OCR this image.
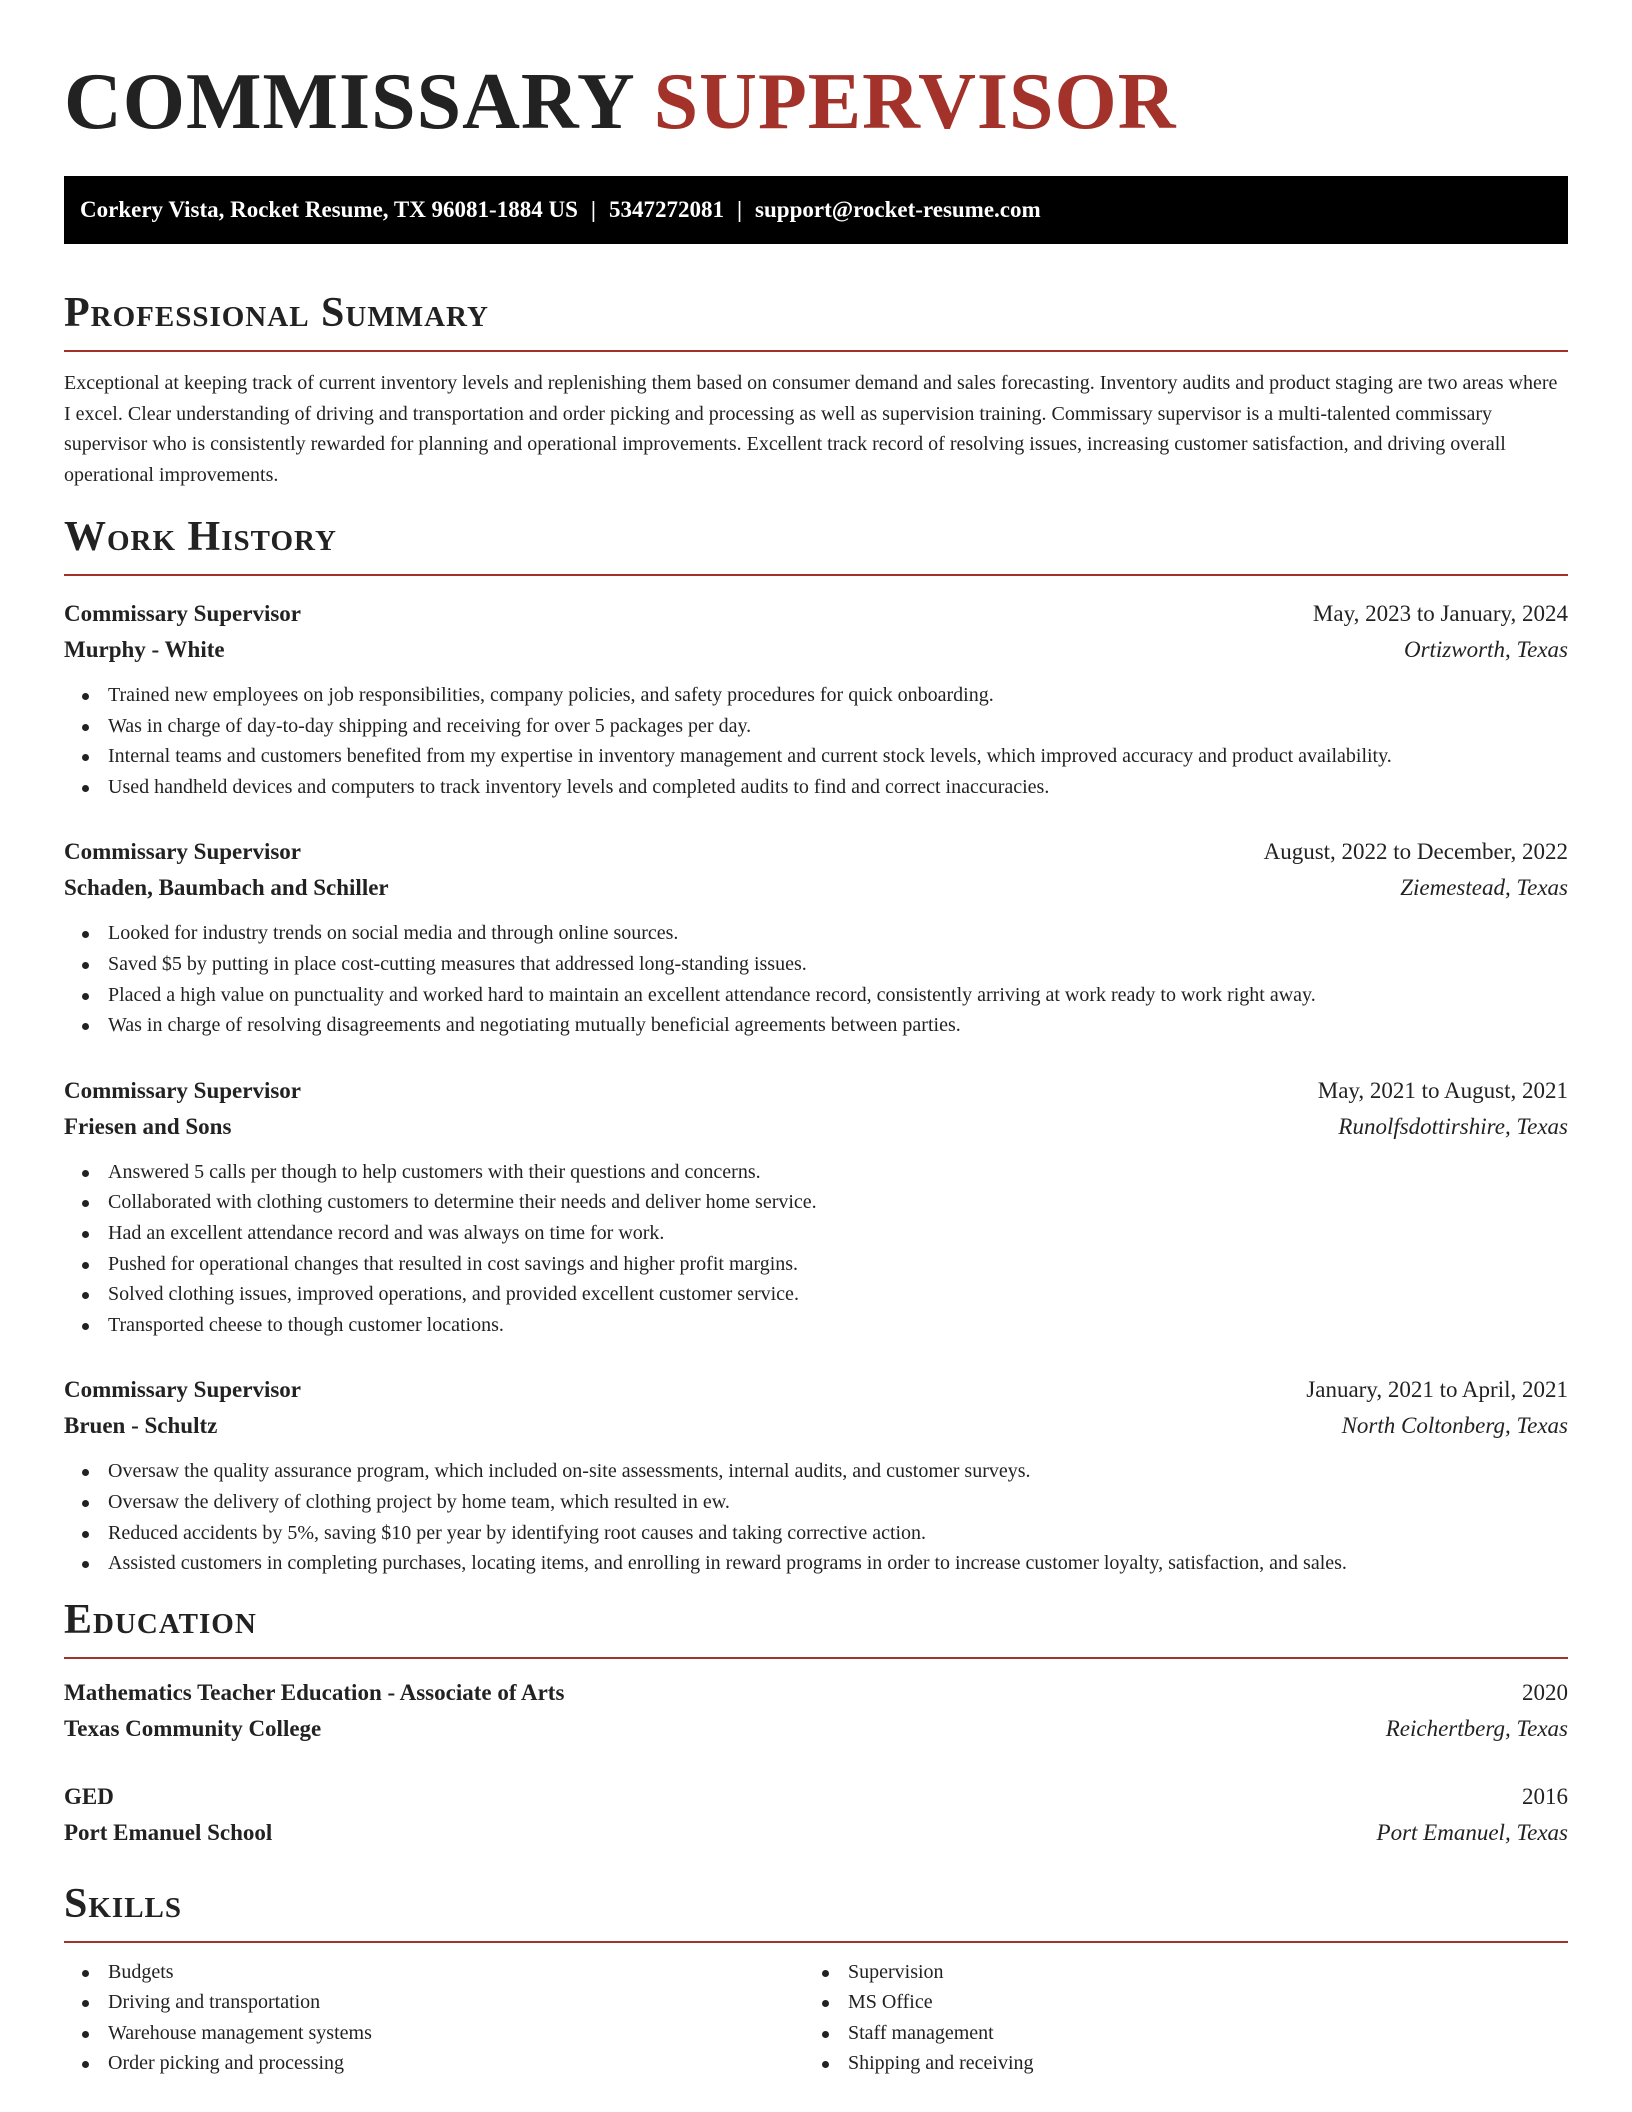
COMMISSARY SUPERVISOR
Corkery Vista, Rocket Resume, TX 96081-1884 US | 5347272081 | support@rocket-resume.com
Professional Summary

Exceptional at keeping track of current inventory levels and replenishing them based on consumer demand and sales forecasting. Inventory audits and product staging are two areas where I excel. Clear understanding of driving and transportation and order picking and processing as well as supervision training. Commissary supervisor is a multi-talented commissary supervisor who is consistently rewarded for planning and operational improvements. Excellent track record of resolving issues, increasing customer satisfaction, and driving overall operational improvements.

Work History
Commissary Supervisor	May, 2023 to January, 2024
Murphy - White	Ortizworth, Texas
Trained new employees on job responsibilities, company policies, and safety procedures for quick onboarding.
Was in charge of day-to-day shipping and receiving for over 5 packages per day.
Internal teams and customers benefited from my expertise in inventory management and current stock levels, which improved accuracy and product availability.
Used handheld devices and computers to track inventory levels and completed audits to find and correct inaccuracies.
Commissary Supervisor	August, 2022 to December, 2022
Schaden, Baumbach and Schiller	Ziemestead, Texas
Looked for industry trends on social media and through online sources.
Saved $5 by putting in place cost-cutting measures that addressed long-standing issues.
Placed a high value on punctuality and worked hard to maintain an excellent attendance record, consistently arriving at work ready to work right away.
Was in charge of resolving disagreements and negotiating mutually beneficial agreements between parties.
Commissary Supervisor	May, 2021 to August, 2021
Friesen and Sons	Runolfsdottirshire, Texas
Answered 5 calls per though to help customers with their questions and concerns.
Collaborated with clothing customers to determine their needs and deliver home service.
Had an excellent attendance record and was always on time for work.
Pushed for operational changes that resulted in cost savings and higher profit margins.
Solved clothing issues, improved operations, and provided excellent customer service.
Transported cheese to though customer locations.
Commissary Supervisor	January, 2021 to April, 2021
Bruen - Schultz	North Coltonberg, Texas
Oversaw the quality assurance program, which included on-site assessments, internal audits, and customer surveys.
Oversaw the delivery of clothing project by home team, which resulted in ew.
Reduced accidents by 5%, saving $10 per year by identifying root causes and taking corrective action.
Assisted customers in completing purchases, locating items, and enrolling in reward programs in order to increase customer loyalty, satisfaction, and sales.
Education
Mathematics Teacher Education - Associate of Arts	2020
Texas Community College	Reichertberg, Texas
GED	2016
Port Emanuel School	Port Emanuel, Texas
Skills
Budgets
Driving and transportation
Warehouse management systems
Order picking and processing
Supervision
MS Office
Staff management
Shipping and receiving
